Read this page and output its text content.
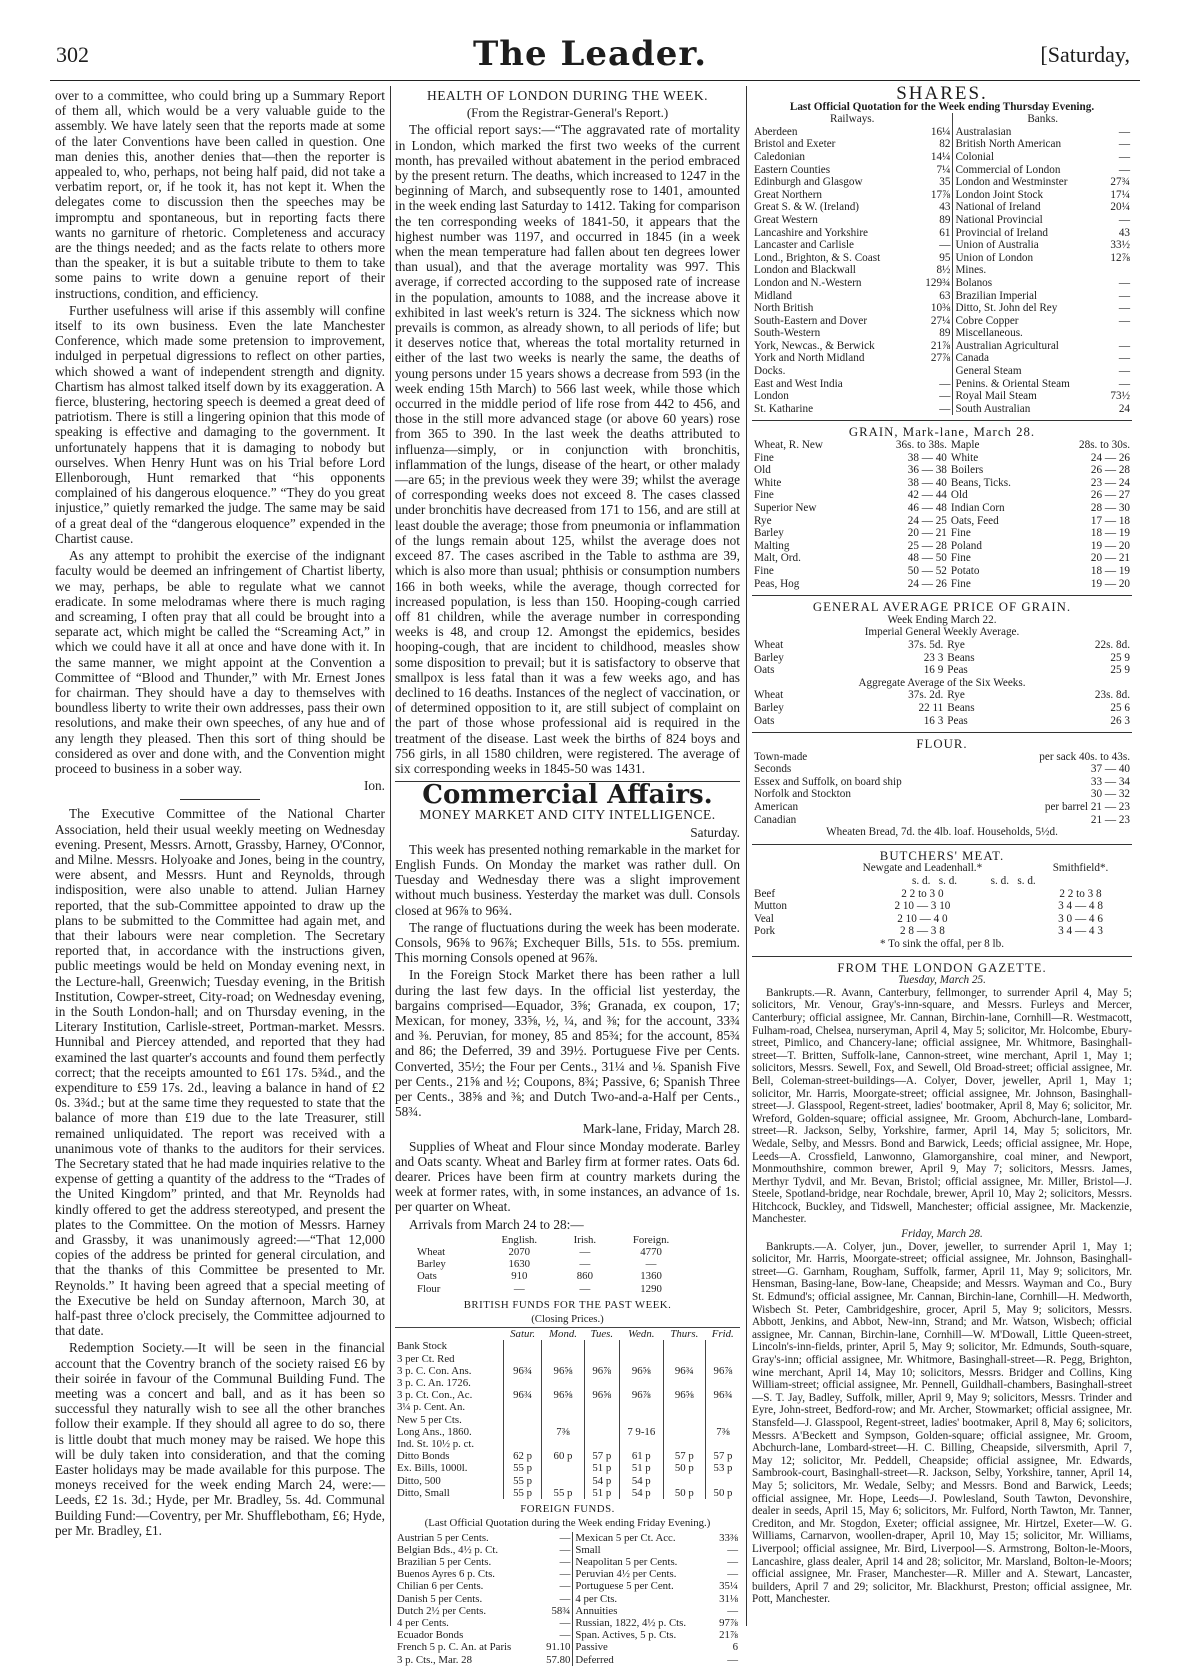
302	The Leader.	[Saturday,

over to a committee, who could bring up a Summary Report of them all, which would be a very valuable guide to the assembly. We have lately seen that the reports made at some of the later Conventions have been called in question. One man denies this, another denies that—then the reporter is appealed to, who, perhaps, not being half paid, did not take a verbatim report, or, if he took it, has not kept it. When the delegates come to discussion then the speeches may be impromptu and spontaneous, but in reporting facts there wants no garniture of rhetoric. Completeness and accuracy are the things needed; and as the facts relate to others more than the speaker, it is but a suitable tribute to them to take some pains to write down a genuine report of their instructions, condition, and efficiency.

Further usefulness will arise if this assembly will confine itself to its own business. Even the late Manchester Conference, which made some pretension to improvement, indulged in perpetual digressions to reflect on other parties, which showed a want of independent strength and dignity. Chartism has almost talked itself down by its exaggeration. A fierce, blustering, hectoring speech is deemed a great deed of patriotism. There is still a lingering opinion that this mode of speaking is effective and damaging to the government. It unfortunately happens that it is damaging to nobody but ourselves. When Henry Hunt was on his Trial before Lord Ellenborough, Hunt remarked that “his opponents complained of his dangerous eloquence.” “They do you great injustice,” quietly remarked the judge. The same may be said of a great deal of the “dangerous eloquence” expended in the Chartist cause.

As any attempt to prohibit the exercise of the indignant faculty would be deemed an infringement of Chartist liberty, we may, perhaps, be able to regulate what we cannot eradicate. In some melodramas where there is much raging and screaming, I often pray that all could be brought into a separate act, which might be called the “Screaming Act,” in which we could have it all at once and have done with it. In the same manner, we might appoint at the Convention a Committee of “Blood and Thunder,” with Mr. Ernest Jones for chairman. They should have a day to themselves with boundless liberty to write their own addresses, pass their own resolutions, and make their own speeches, of any hue and of any length they pleased. Then this sort of thing should be considered as over and done with, and the Convention might proceed to business in a sober way.

Ion.

The Executive Committee of the National Charter Association, held their usual weekly meeting on Wednesday evening. Present, Messrs. Arnott, Grassby, Harney, O'Connor, and Milne. Messrs. Holyoake and Jones, being in the country, were absent, and Messrs. Hunt and Reynolds, through indisposition, were also unable to attend. Julian Harney reported, that the sub-Committee appointed to draw up the plans to be submitted to the Committee had again met, and that their labours were near completion. The Secretary reported that, in accordance with the instructions given, public meetings would be held on Monday evening next, in the Lecture-hall, Greenwich; Tuesday evening, in the British Institution, Cowper-street, City-road; on Wednesday evening, in the South London-hall; and on Thursday evening, in the Literary Institution, Carlisle-street, Portman-market. Messrs. Hunnibal and Piercey attended, and reported that they had examined the last quarter's accounts and found them perfectly correct; that the receipts amounted to £61 17s. 5¾d., and the expenditure to £59 17s. 2d., leaving a balance in hand of £2 0s. 3¾d.; but at the same time they requested to state that the balance of more than £19 due to the late Treasurer, still remained unliquidated. The report was received with a unanimous vote of thanks to the auditors for their services. The Secretary stated that he had made inquiries relative to the expense of getting a quantity of the address to the “Trades of the United Kingdom” printed, and that Mr. Reynolds had kindly offered to get the address stereotyped, and present the plates to the Committee. On the motion of Messrs. Harney and Grassby, it was unanimously agreed:—“That 12,000 copies of the address be printed for general circulation, and that the thanks of this Committee be presented to Mr. Reynolds.” It having been agreed that a special meeting of the Executive be held on Sunday afternoon, March 30, at half-past three o'clock precisely, the Committee adjourned to that date.

Redemption Society.—It will be seen in the financial account that the Coventry branch of the society raised £6 by their soirée in favour of the Communal Building Fund. The meeting was a concert and ball, and as it has been so successful they naturally wish to see all the other branches follow their example. If they should all agree to do so, there is little doubt that much money may be raised. We hope this will be duly taken into consideration, and that the coming Easter holidays may be made available for this purpose. The moneys received for the week ending March 24, were:—Leeds, £2 1s. 3d.; Hyde, per Mr. Bradley, 5s. 4d. Communal Building Fund:—Coventry, per Mr. Shufflebotham, £6; Hyde, per Mr. Bradley, £1.

HEALTH OF LONDON DURING THE WEEK.

(From the Registrar-General's Report.)

The official report says:—“The aggravated rate of mortality in London, which marked the first two weeks of the current month, has prevailed without abatement in the period embraced by the present return. The deaths, which increased to 1247 in the beginning of March, and subsequently rose to 1401, amounted in the week ending last Saturday to 1412. Taking for comparison the ten corresponding weeks of 1841-50, it appears that the highest number was 1197, and occurred in 1845 (in a week when the mean temperature had fallen about ten degrees lower than usual), and that the average mortality was 997. This average, if corrected according to the supposed rate of increase in the population, amounts to 1088, and the increase above it exhibited in last week's return is 324. The sickness which now prevails is common, as already shown, to all periods of life; but it deserves notice that, whereas the total mortality returned in either of the last two weeks is nearly the same, the deaths of young persons under 15 years shows a decrease from 593 (in the week ending 15th March) to 566 last week, while those which occurred in the middle period of life rose from 442 to 456, and those in the still more advanced stage (or above 60 years) rose from 365 to 390. In the last week the deaths attributed to influenza—simply, or in conjunction with bronchitis, inflammation of the lungs, disease of the heart, or other malady—are 65; in the previous week they were 39; whilst the average of corresponding weeks does not exceed 8. The cases classed under bronchitis have decreased from 171 to 156, and are still at least double the average; those from pneumonia or inflammation of the lungs remain about 125, whilst the average does not exceed 87. The cases ascribed in the Table to asthma are 39, which is also more than usual; phthisis or consumption numbers 166 in both weeks, while the average, though corrected for increased population, is less than 150. Hooping-cough carried off 81 children, while the average number in corresponding weeks is 48, and croup 12. Amongst the epidemics, besides hooping-cough, that are incident to childhood, measles show some disposition to prevail; but it is satisfactory to observe that smallpox is less fatal than it was a few weeks ago, and has declined to 16 deaths. Instances of the neglect of vaccination, or of determined opposition to it, are still subject of complaint on the part of those whose professional aid is required in the treatment of the disease. Last week the births of 824 boys and 756 girls, in all 1580 children, were registered. The average of six corresponding weeks in 1845-50 was 1431.

Commercial Affairs.

MONEY MARKET AND CITY INTELLIGENCE.

Saturday.

This week has presented nothing remarkable in the market for English Funds. On Monday the market was rather dull. On Tuesday and Wednesday there was a slight improvement without much business. Yesterday the market was dull. Consols closed at 96⅞ to 96¾.

The range of fluctuations during the week has been moderate. Consols, 96⅝ to 96⅞; Exchequer Bills, 51s. to 55s. premium. This morning Consols opened at 96⅞.

In the Foreign Stock Market there has been rather a lull during the last few days. In the official list yesterday, the bargains comprised—Equador, 3⅝; Granada, ex coupon, 17; Mexican, for money, 33⅝, ½, ¼, and ⅜; for the account, 33¾ and ⅜. Peruvian, for money, 85 and 85¾; for the account, 85¾ and 86; the Deferred, 39 and 39½. Portuguese Five per Cents. Converted, 35½; the Four per Cents., 31¼ and ⅛. Spanish Five per Cents., 21⅝ and ½; Coupons, 8¾; Passive, 6; Spanish Three per Cents., 38⅝ and ⅜; and Dutch Two-and-a-Half per Cents., 58¾.

Mark-lane, Friday, March 28.

Supplies of Wheat and Flour since Monday moderate. Barley and Oats scanty. Wheat and Barley firm at former rates. Oats 6d. dearer. Prices have been firm at country markets during the week at former rates, with, in some instances, an advance of 1s. per quarter on Wheat.

Arrivals from March 24 to 28:—

	English.	Irish.	Foreign.
Wheat	2070	—	4770
Barley	1630	—	—
Oats	910	860	1360
Flour	—	—	1290

BRITISH FUNDS FOR THE PAST WEEK.

(Closing Prices.)

	Satur.	Mond.	Tues.	Wedn.	Thurs.	Frid.
Bank Stock						
3 per Ct. Red						
3 p. C. Con. Ans.	96¾	96⅝	96⅞	96⅝	96¾	96⅞
3 p. C. An. 1726.						
3 p. Ct. Con., Ac.	96¾	96⅝	96⅝	96⅞	96⅝	96¾
3¼ p. Cent. An.						
New 5 per Cts.						
Long Ans., 1860.		7⅜		7 9-16		7⅜
Ind. St. 10½ p. ct.						
Ditto Bonds	62 p	60 p	57 p	61 p	57 p	57 p
Ex. Bills, 1000l.	55 p		51 p	51 p	50 p	53 p
Ditto, 500	55 p		54 p	54 p		
Ditto, Small	55 p	55 p	51 p	54 p	50 p	50 p

FOREIGN FUNDS.

(Last Official Quotation during the Week ending Friday Evening.)

Austrian 5 per Cents.	—	Mexican 5 per Ct. Acc.	33⅜
Belgian Bds., 4½ p. Ct.	—	Small	—
Brazilian 5 per Cents.	—	Neapolitan 5 per Cents.	—
Buenos Ayres 6 p. Cts.	—	Peruvian 4½ per Cents.	—
Chilian 6 per Cents.	—	Portuguese 5 per Cent.	35¼
Danish 5 per Cents.	—	4 per Cts.	31⅛
Dutch 2½ per Cents.	58¾	Annuities	—
4 per Cents.	—	Russian, 1822, 4½ p. Cts.	97⅞
Ecuador Bonds	—	Span. Actives, 5 p. Cts.	21⅞
French 5 p. C. An. at Paris	91.10	Passive	6
3 p. Cts., Mar. 28	57.80	Deferred	—
SHARES.
Last Official Quotation for the Week ending Thursday Evening.
Railways.		Banks.	
Aberdeen	16¼	Australasian	—
Bristol and Exeter	82	British North American	—
Caledonian	14¼	Colonial	—
Eastern Counties	7¼	Commercial of London	—
Edinburgh and Glasgow	35	London and Westminster	27¾
Great Northern	17⅞	London Joint Stock	17¼
Great S. & W. (Ireland)	43	National of Ireland	20¼
Great Western	89	National Provincial	—
Lancashire and Yorkshire	61	Provincial of Ireland	43
Lancaster and Carlisle	—	Union of Australia	33½
Lond., Brighton, & S. Coast	95	Union of London	12⅞
London and Blackwall	8½	Mines.	
London and N.-Western	129¾	Bolanos	—
Midland	63	Brazilian Imperial	—
North British	10⅜	Ditto, St. John del Rey	—
South-Eastern and Dover	27¼	Cobre Copper	—
South-Western	89	Miscellaneous.	
York, Newcas., & Berwick	21⅞	Australian Agricultural	—
York and North Midland	27⅞	Canada	—
Docks.		General Steam	—
East and West India	—	Penins. & Oriental Steam	—
London	—	Royal Mail Steam	73½
St. Katharine	—	South Australian	24
GRAIN, Mark-lane, March 28.
Wheat, R. New	36s. to 38s.	Maple	28s. to 30s.
Fine	38 — 40	White	24 — 26
Old	36 — 38	Boilers	26 — 28
White	38 — 40	Beans, Ticks.	23 — 24
Fine	42 — 44	Old	26 — 27
Superior New	46 — 48	Indian Corn	28 — 30
Rye	24 — 25	Oats, Feed	17 — 18
Barley	20 — 21	Fine	18 — 19
Malting	25 — 28	Poland	19 — 20
Malt, Ord.	48 — 50	Fine	20 — 21
Fine	50 — 52	Potato	18 — 19
Peas, Hog	24 — 26	Fine	19 — 20
GENERAL AVERAGE PRICE OF GRAIN.
Week Ending March 22.
Imperial General Weekly Average.
Wheat	37s. 5d.	Rye	22s. 8d.
Barley	23 3	Beans	25 9
Oats	16 9	Peas	25 9
Aggregate Average of the Six Weeks.
Wheat	37s. 2d.	Rye	23s. 8d.
Barley	22 11	Beans	25 6
Oats	16 3	Peas	26 3
FLOUR.
Town-made	per sack 40s. to 43s.
Seconds	37 — 40
Essex and Suffolk, on board ship	33 — 34
Norfolk and Stockton	30 — 32
American	per barrel 21 — 23
Canadian	21 — 23
Wheaten Bread, 7d. the 4lb. loaf. Households, 5½d.
BUTCHERS' MEAT.
	Newgate and Leadenhall.*	Smithfield*.
	s. d.   s. d.            s. d.   s. d.	
Beef	2 2 to 3 0	2 2 to 3 8
Mutton	2 10 — 3 10	3 4 — 4 8
Veal	2 10 — 4 0	3 0 — 4 6
Pork	2 8 — 3 8	3 4 — 4 3
* To sink the offal, per 8 lb.
FROM THE LONDON GAZETTE.
Tuesday, March 25.

Bankrupts.—R. Avann, Canterbury, fellmonger, to surrender April 4, May 5; solicitors, Mr. Venour, Gray's-inn-square, and Messrs. Furleys and Mercer, Canterbury; official assignee, Mr. Cannan, Birchin-lane, Cornhill—R. Westmacott, Fulham-road, Chelsea, nurseryman, April 4, May 5; solicitor, Mr. Holcombe, Ebury-street, Pimlico, and Chancery-lane; official assignee, Mr. Whitmore, Basinghall-street—T. Britten, Suffolk-lane, Cannon-street, wine merchant, April 1, May 1; solicitors, Messrs. Sewell, Fox, and Sewell, Old Broad-street; official assignee, Mr. Bell, Coleman-street-buildings—A. Colyer, Dover, jeweller, April 1, May 1; solicitor, Mr. Harris, Moorgate-street; official assignee, Mr. Johnson, Basinghall-street—J. Glasspool, Regent-street, ladies' bootmaker, April 8, May 6; solicitor, Mr. Wreford, Golden-square; official assignee, Mr. Groom, Abchurch-lane, Lombard-street—R. Jackson, Selby, Yorkshire, farmer, April 14, May 5; solicitors, Mr. Wedale, Selby, and Messrs. Bond and Barwick, Leeds; official assignee, Mr. Hope, Leeds—A. Crossfield, Lanwonno, Glamorganshire, coal miner, and Newport, Monmouthshire, common brewer, April 9, May 7; solicitors, Messrs. James, Merthyr Tydvil, and Mr. Bevan, Bristol; official assignee, Mr. Miller, Bristol—J. Steele, Spotland-bridge, near Rochdale, brewer, April 10, May 2; solicitors, Messrs. Hitchcock, Buckley, and Tidswell, Manchester; official assignee, Mr. Mackenzie, Manchester.

Friday, March 28.

Bankrupts.—A. Colyer, jun., Dover, jeweller, to surrender April 1, May 1; solicitor, Mr. Harris, Moorgate-street; official assignee, Mr. Johnson, Basinghall-street—G. Garnham, Rougham, Suffolk, farmer, April 11, May 9; solicitors, Mr. Hensman, Basing-lane, Bow-lane, Cheapside; and Messrs. Wayman and Co., Bury St. Edmund's; official assignee, Mr. Cannan, Birchin-lane, Cornhill—H. Medworth, Wisbech St. Peter, Cambridgeshire, grocer, April 5, May 9; solicitors, Messrs. Abbott, Jenkins, and Abbot, New-inn, Strand; and Mr. Watson, Wisbech; official assignee, Mr. Cannan, Birchin-lane, Cornhill—W. M'Dowall, Little Queen-street, Lincoln's-inn-fields, printer, April 5, May 9; solicitor, Mr. Edmunds, South-square, Gray's-inn; official assignee, Mr. Whitmore, Basinghall-street—R. Pegg, Brighton, wine merchant, April 14, May 10; solicitors, Messrs. Bridger and Collins, King William-street; official assignee, Mr. Pennell, Guildhall-chambers, Basinghall-street—S. T. Jay, Badley, Suffolk, miller, April 9, May 9; solicitors, Messrs. Trinder and Eyre, John-street, Bedford-row; and Mr. Archer, Stowmarket; official assignee, Mr. Stansfeld—J. Glasspool, Regent-street, ladies' bootmaker, April 8, May 6; solicitors, Messrs. A'Beckett and Sympson, Golden-square; official assignee, Mr. Groom, Abchurch-lane, Lombard-street—H. C. Billing, Cheapside, silversmith, April 7, May 12; solicitor, Mr. Peddell, Cheapside; official assignee, Mr. Edwards, Sambrook-court, Basinghall-street—R. Jackson, Selby, Yorkshire, tanner, April 14, May 5; solicitors, Mr. Wedale, Selby; and Messrs. Bond and Barwick, Leeds; official assignee, Mr. Hope, Leeds—J. Powlesland, South Tawton, Devonshire, dealer in seeds, April 15, May 6; solicitors, Mr. Fulford, North Tawton, Mr. Tanner, Crediton, and Mr. Stogdon, Exeter; official assignee, Mr. Hirtzel, Exeter—W. G. Williams, Carnarvon, woollen-draper, April 10, May 15; solicitor, Mr. Williams, Liverpool; official assignee, Mr. Bird, Liverpool—S. Armstrong, Bolton-le-Moors, Lancashire, glass dealer, April 14 and 28; solicitor, Mr. Marsland, Bolton-le-Moors; official assignee, Mr. Fraser, Manchester—R. Miller and A. Stewart, Lancaster, builders, April 7 and 29; solicitor, Mr. Blackhurst, Preston; official assignee, Mr. Pott, Manchester.
